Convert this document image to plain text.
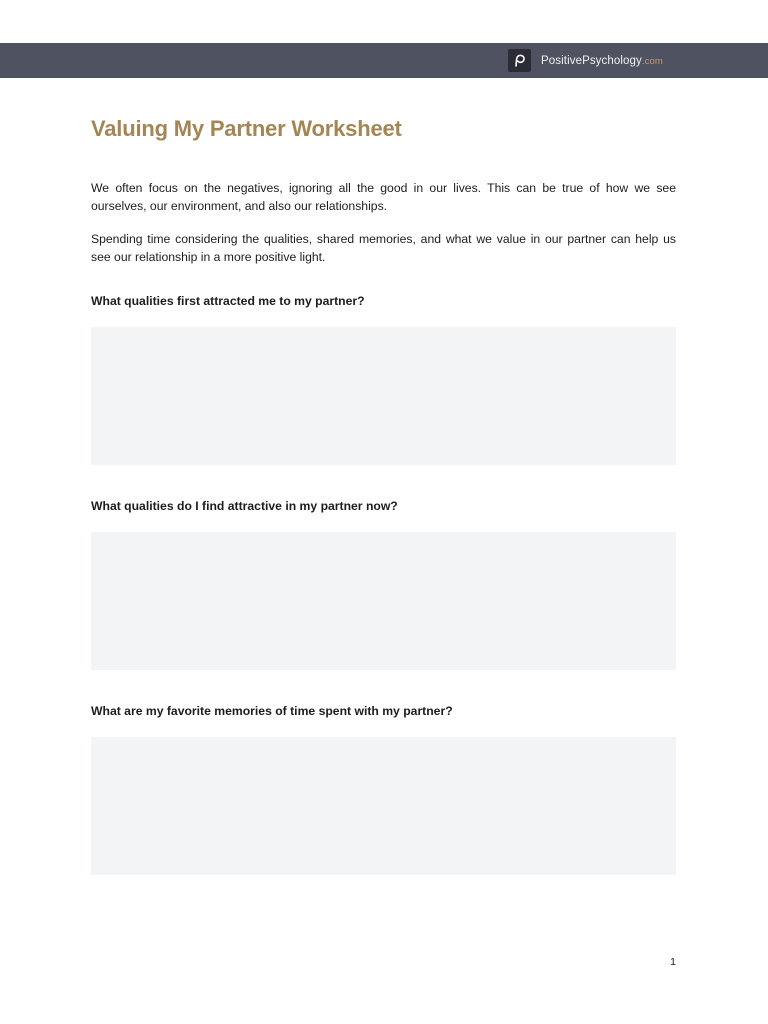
PositivePsychology.com
Valuing My Partner Worksheet

We often focus on the negatives, ignoring all the good in our lives. This can be true of how we see ourselves, our environment, and also our relationships.

Spending time considering the qualities, shared memories, and what we value in our partner can help us see our relationship in a more positive light.

What qualities first attracted me to my partner?

What qualities do I find attractive in my partner now?

What are my favorite memories of time spent with my partner?

1
